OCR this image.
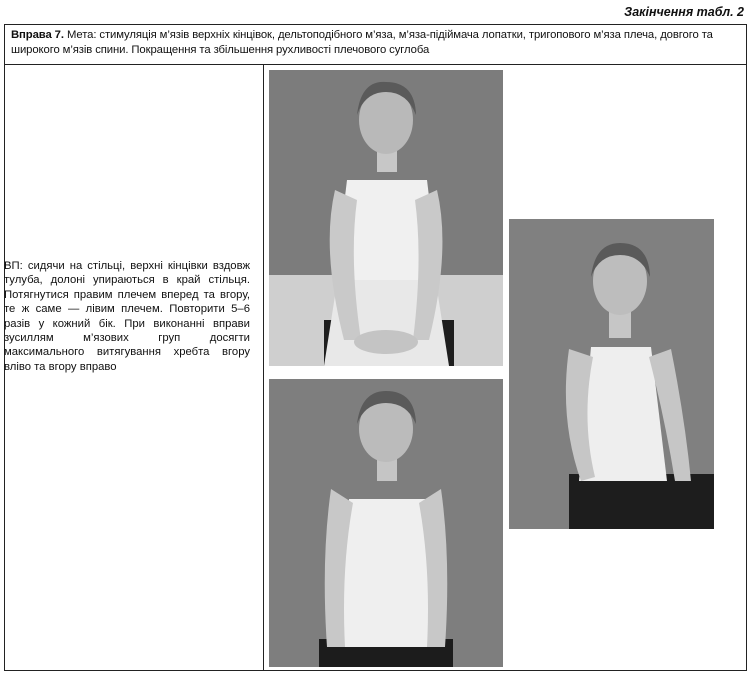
Закінчення табл. 2
Вправа 7. Мета: стимуляція м’язів верхніх кінцівок, дельтоподібного м’яза, м’яза-підіймача лопатки, тригопового м’яза плеча, довгого та широкого м’язів спини. Покращення та збільшення рухливості плечового суглоба
ВП: сидячи на стільці, верхні кінцівки вздовж тулуба, долоні упираються в край стільця. Потягнутися правим плечем вперед та вгору, те ж саме — лівим плечем. Повторити 5–6 разів у кожний бік. При виконанні вправи зусиллям м’язових груп досягти максимального витягування хребта вгору вліво та вгору вправо
